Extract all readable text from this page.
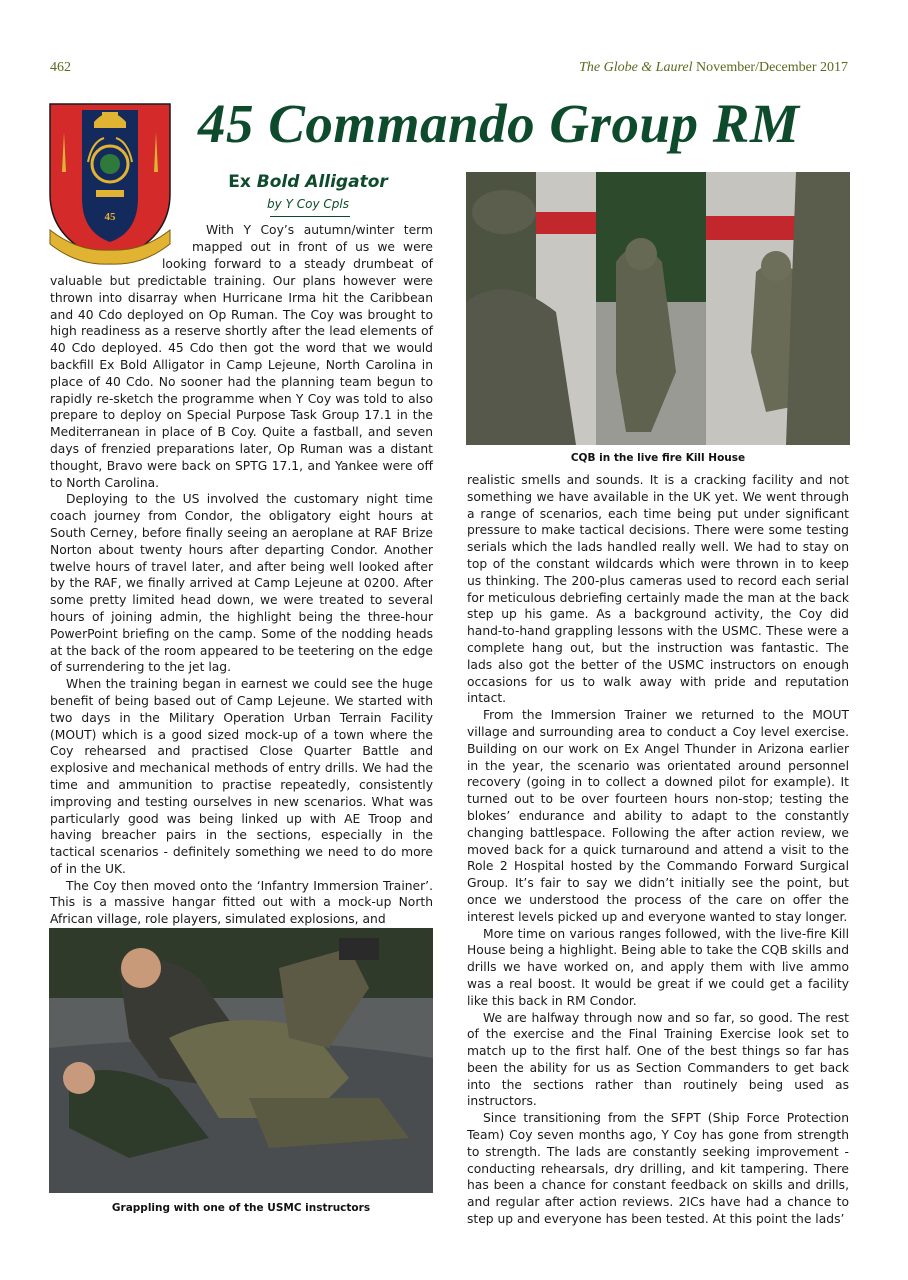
462	The Globe & Laurel November/December 2017
45
45 Commando Group RM
Ex Bold Alligator
by Y Coy Cpls
With Y Coy’s autumn/winter term
mapped out in front of us we were
looking forward to a steady drumbeat of

valuable but predictable training. Our plans however were thrown into disarray when Hurricane Irma hit the Caribbean and 40 Cdo deployed on Op Ruman. The Coy was brought to high readiness as a reserve shortly after the lead elements of 40 Cdo deployed. 45 Cdo then got the word that we would backfill Ex Bold Alligator in Camp Lejeune, North Carolina in place of 40 Cdo. No sooner had the planning team begun to rapidly re-sketch the programme when Y Coy was told to also prepare to deploy on Special Purpose Task Group 17.1 in the Mediterranean in place of B Coy. Quite a fastball, and seven days of frenzied preparations later, Op Ruman was a distant thought, Bravo were back on SPTG 17.1, and Yankee were off to North Carolina.

Deploying to the US involved the customary night time coach journey from Condor, the obligatory eight hours at South Cerney, before finally seeing an aeroplane at RAF Brize Norton about twenty hours after departing Condor. Another twelve hours of travel later, and after being well looked after by the RAF, we finally arrived at Camp Lejeune at 0200. After some pretty limited head down, we were treated to several hours of joining admin, the highlight being the three-hour PowerPoint briefing on the camp. Some of the nodding heads at the back of the room appeared to be teetering on the edge of surrendering to the jet lag.

When the training began in earnest we could see the huge benefit of being based out of Camp Lejeune. We started with two days in the Military Operation Urban Terrain Facility (MOUT) which is a good sized mock-up of a town where the Coy rehearsed and practised Close Quarter Battle and explosive and mechanical methods of entry drills. We had the time and ammunition to practise repeatedly, consistently improving and testing ourselves in new scenarios. What was particularly good was being linked up with AE Troop and having breacher pairs in the sections, especially in the tactical scenarios - definitely something we need to do more of in the UK.

The Coy then moved onto the ‘Infantry Immersion Trainer’. This is a massive hangar fitted out with a mock-up North African village, role players, simulated explosions, and

CQB in the live fire Kill House

realistic smells and sounds. It is a cracking facility and not something we have available in the UK yet. We went through a range of scenarios, each time being put under significant pressure to make tactical decisions. There were some testing serials which the lads handled really well. We had to stay on top of the constant wildcards which were thrown in to keep us thinking. The 200-plus cameras used to record each serial for meticulous debriefing certainly made the man at the back step up his game. As a background activity, the Coy did hand-to-hand grappling lessons with the USMC. These were a complete hang out, but the instruction was fantastic. The lads also got the better of the USMC instructors on enough occasions for us to walk away with pride and reputation intact.

From the Immersion Trainer we returned to the MOUT village and surrounding area to conduct a Coy level exercise. Building on our work on Ex Angel Thunder in Arizona earlier in the year, the scenario was orientated around personnel recovery (going in to collect a downed pilot for example). It turned out to be over fourteen hours non-stop; testing the blokes’ endurance and ability to adapt to the constantly changing battlespace. Following the after action review, we moved back for a quick turnaround and attend a visit to the Role 2 Hospital hosted by the Commando Forward Surgical Group. It’s fair to say we didn’t initially see the point, but once we understood the process of the care on offer the interest levels picked up and everyone wanted to stay longer.

More time on various ranges followed, with the live-fire Kill House being a highlight. Being able to take the CQB skills and drills we have worked on, and apply them with live ammo was a real boost. It would be great if we could get a facility like this back in RM Condor.

We are halfway through now and so far, so good. The rest of the exercise and the Final Training Exercise look set to match up to the first half. One of the best things so far has been the ability for us as Section Commanders to get back into the sections rather than routinely being used as instructors.

Since transitioning from the SFPT (Ship Force Protection Team) Coy seven months ago, Y Coy has gone from strength to strength. The lads are constantly seeking improvement - conducting rehearsals, dry drilling, and kit tampering. There has been a chance for constant feedback on skills and drills, and regular after action reviews. 2ICs have had a chance to step up and everyone has been tested. At this point the lads’

Grappling with one of the USMC instructors
